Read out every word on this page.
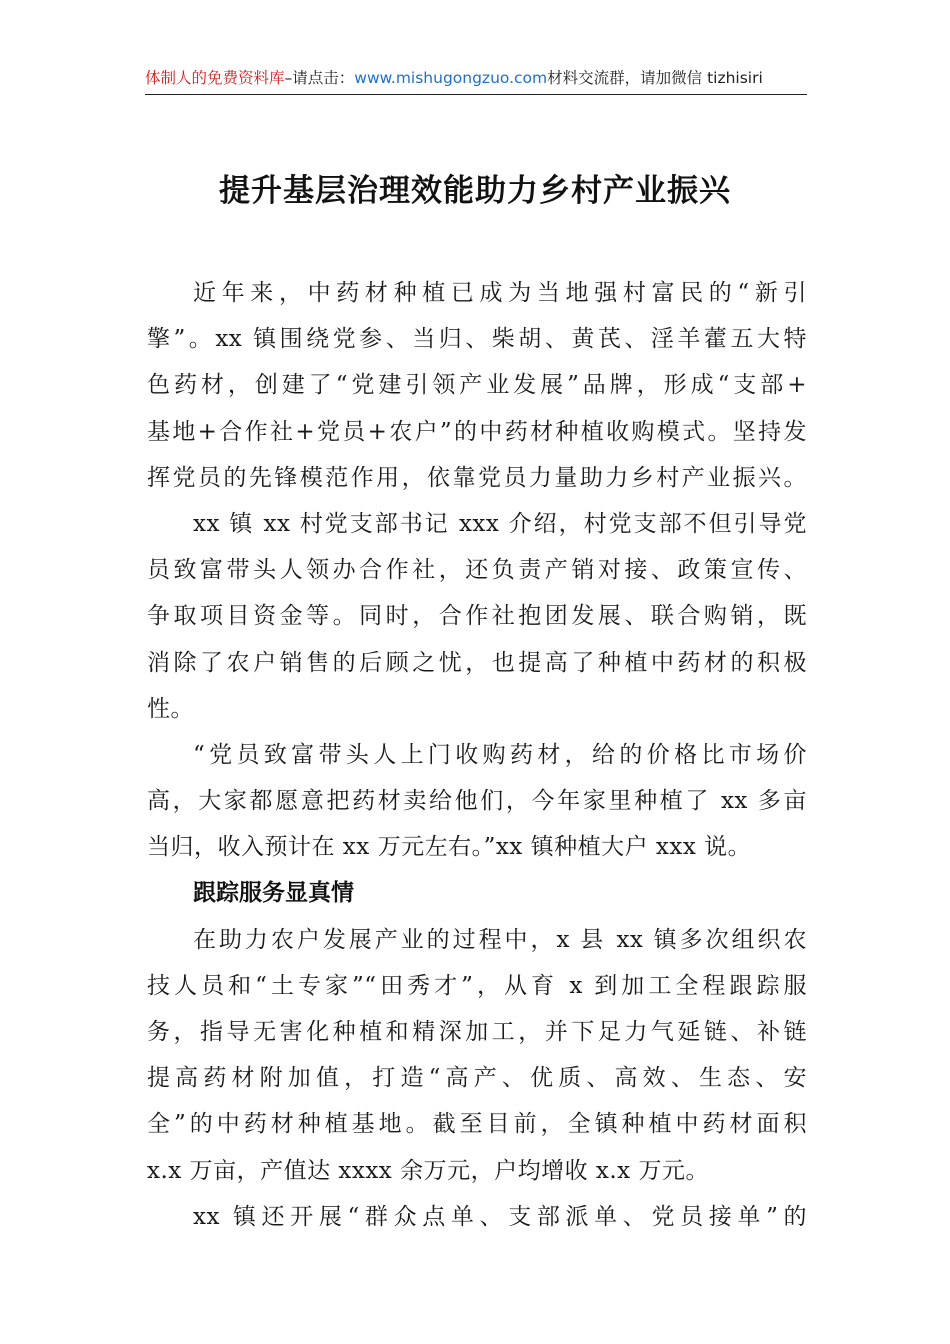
体制人的免费资料库–请点击：www.mishugongzuo.com材料交流群，请加微信 tizhisiri
提升基层治理效能助力乡村产业振兴
近年来，中药材种植已成为当地强村富民的“新引
擎”。xx 镇围绕党参、当归、柴胡、黄芪、淫羊藿五大特
色药材，创建了“党建引领产业发展”品牌，形成“支部+
基地+合作社+党员+农户”的中药材种植收购模式。坚持发
挥党员的先锋模范作用，依靠党员力量助力乡村产业振兴。
xx 镇 xx 村党支部书记 xxx 介绍，村党支部不但引导党
员致富带头人领办合作社，还负责产销对接、政策宣传、
争取项目资金等。同时，合作社抱团发展、联合购销，既
消除了农户销售的后顾之忧，也提高了种植中药材的积极
性。
“党员致富带头人上门收购药材，给的价格比市场价
高，大家都愿意把药材卖给他们，今年家里种植了 xx 多亩
当归，收入预计在 xx 万元左右。”xx 镇种植大户 xxx 说。
跟踪服务显真情
在助力农户发展产业的过程中，x 县 xx 镇多次组织农
技人员和“土专家”“田秀才”，从育 x 到加工全程跟踪服
务，指导无害化种植和精深加工，并下足力气延链、补链
提高药材附加值，打造“高产、优质、高效、生态、安
全”的中药材种植基地。截至目前，全镇种植中药材面积
x.x 万亩，产值达 xxxx 余万元，户均增收 x.x 万元。
xx 镇还开展“群众点单、支部派单、党员接单”的
